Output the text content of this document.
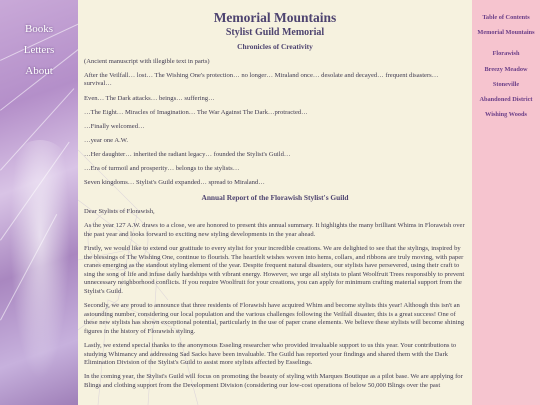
Books
Letters
About
Memorial Mountains
Stylist Guild Memorial
Chronicles of Creativity

(Ancient manuscript with illegible text in parts)

After the Veilfall… lost… The Wishing One's protection… no longer… Miraland once… desolate and decayed… frequent disasters… survival…

Even… The Dark attacks… beings… suffering…

…The Eight… Miracles of Imagination… The War Against The Dark…protracted…

…Finally welcomed…

…year one A.W.

…Her daughter… inherited the radiant legacy… founded the Stylist's Guild…

…Era of turmoil and prosperity… belongs to the stylists…

Seven kingdoms… Stylist's Guild expanded… spread to Miraland…

Annual Report of the Florawish Stylist's Guild

Dear Stylists of Florawish,

As the year 127 A.W. draws to a close, we are honored to present this annual summary. It highlights the many brilliant Whims in Florawish over the past year and looks forward to exciting new styling developments in the year ahead.

Firstly, we would like to extend our gratitude to every stylist for your incredible creations. We are delighted to see that the stylings, inspired by the blessings of The Wishing One, continue to flourish. The heartfelt wishes woven into hems, collars, and ribbons are truly moving, with paper cranes emerging as the standout styling element of the year. Despite frequent natural disasters, our stylists have persevered, using their craft to sing the song of life and infuse daily hardships with vibrant energy. However, we urge all stylists to plant Woolfruit Trees responsibly to prevent unnecessary neighborhood conflicts. If you require Woolfruit for your creations, you can apply for minimum crafting material support from the Stylist's Guild.

Secondly, we are proud to announce that three residents of Florawish have acquired Whim and become stylists this year! Although this isn't an astounding number, considering our local population and the various challenges following the Veilfall disaster, this is a great success! One of these new stylists has shown exceptional potential, particularly in the use of paper crane elements. We believe these stylists will become shining figures in the history of Florawish styling.

Lastly, we extend special thanks to the anonymous Esseling researcher who provided invaluable support to us this year. Your contributions to studying Whimancy and addressing Sad Sacks have been invaluable. The Guild has reported your findings and shared them with the Dark Elimination Division of the Stylist's Guild to assist more stylists affected by Esselings.

In the coming year, the Stylist's Guild will focus on promoting the beauty of styling with Marques Boutique as a pilot base. We are applying for Blings and clothing support from the Development Division (considering our low-cost operations of below 50,000 Blings over the past

Table of Contents
Memorial Mountains
Florawish
Breezy Meadow
Stoneville
Abandoned District
Wishing Woods
